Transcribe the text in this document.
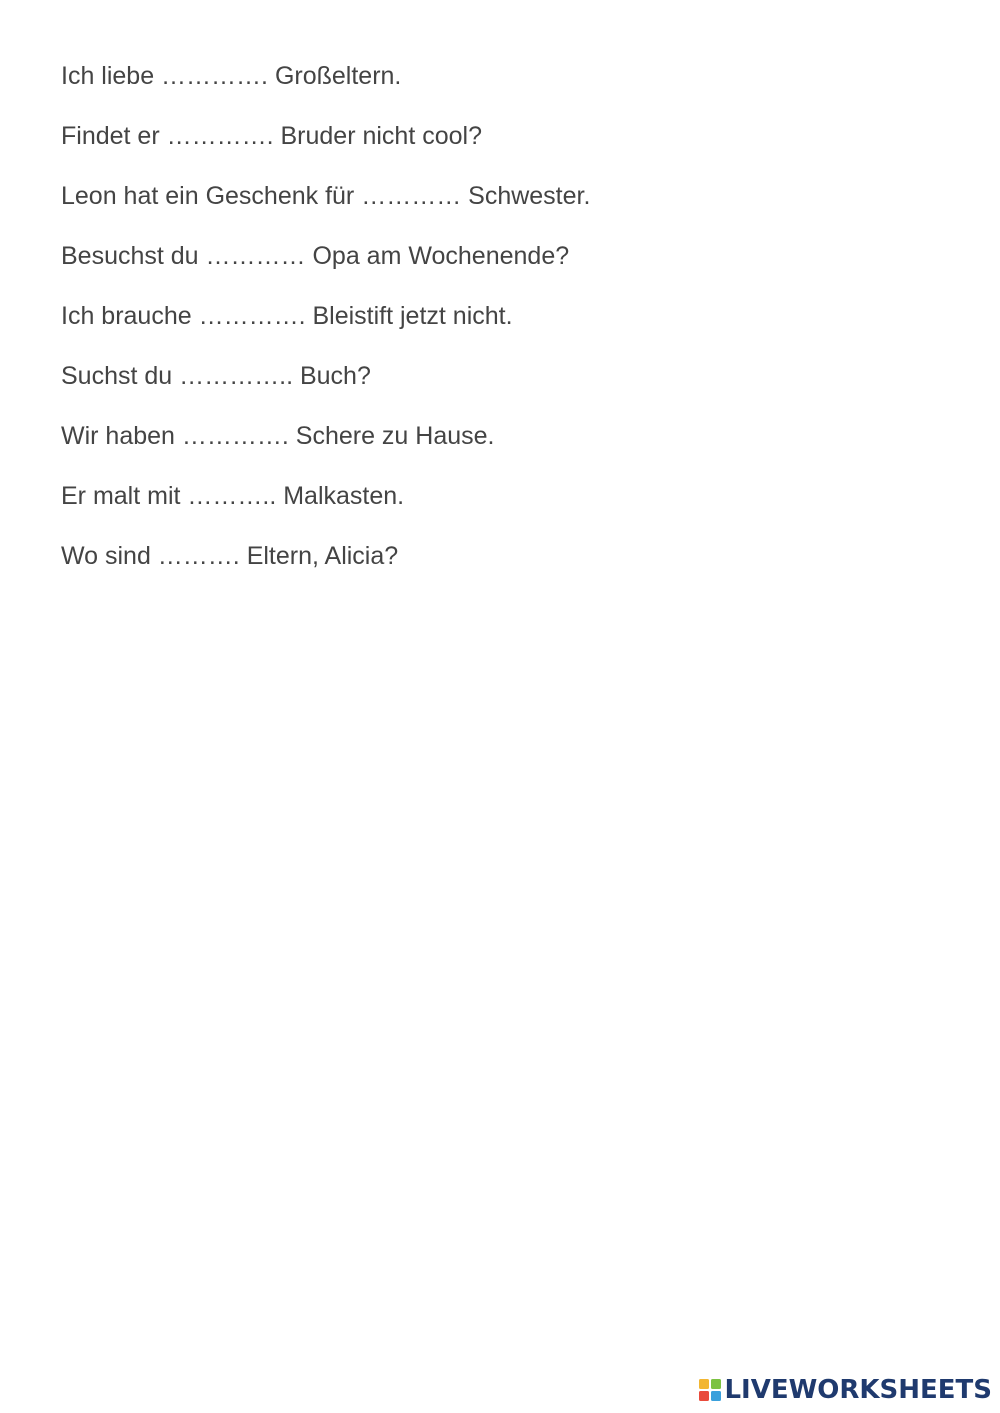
Ich liebe …………. Großeltern.
Findet er …………. Bruder nicht cool?
Leon hat ein Geschenk für ………… Schwester.
Besuchst du ………… Opa am Wochenende?
Ich brauche …………. Bleistift jetzt nicht.
Suchst du ………….. Buch?
Wir haben …………. Schere zu Hause.
Er malt mit ……….. Malkasten.
Wo sind ………. Eltern, Alicia?
LIVEWORKSHEETS
